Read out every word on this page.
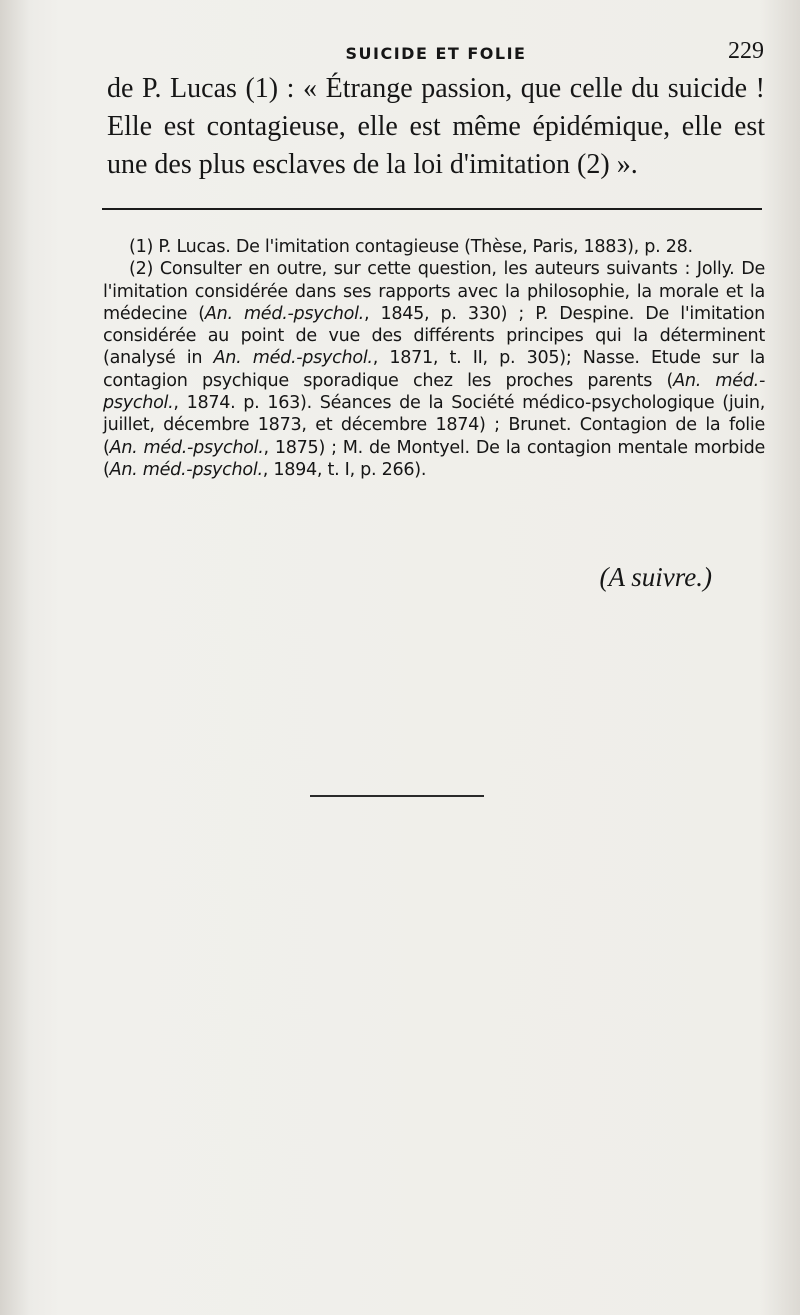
SUICIDE ET FOLIE	229

de P. Lucas (1) : « Étrange passion, que celle du suicide ! Elle est contagieuse, elle est même épidémique, elle est une des plus esclaves de la loi d'imitation (2) ».

(1) P. Lucas. De l'imitation contagieuse (Thèse, Paris, 1883), p. 28.

(2) Consulter en outre, sur cette question, les auteurs suivants : Jolly. De l'imitation considérée dans ses rapports avec la philosophie, la morale et la médecine (An. méd.-psychol., 1845, p. 330) ; P. Despine. De l'imitation considérée au point de vue des différents principes qui la déterminent (analysé in An. méd.-psychol., 1871, t. II, p. 305); Nasse. Etude sur la contagion psychique sporadique chez les proches parents (An. méd.-psychol., 1874. p. 163). Séances de la Société médico-psychologique (juin, juillet, décembre 1873, et décembre 1874) ; Brunet. Contagion de la folie (An. méd.-psychol., 1875) ; M. de Montyel. De la contagion mentale morbide (An. méd.-psychol., 1894, t. I, p. 266).

(A suivre.)
